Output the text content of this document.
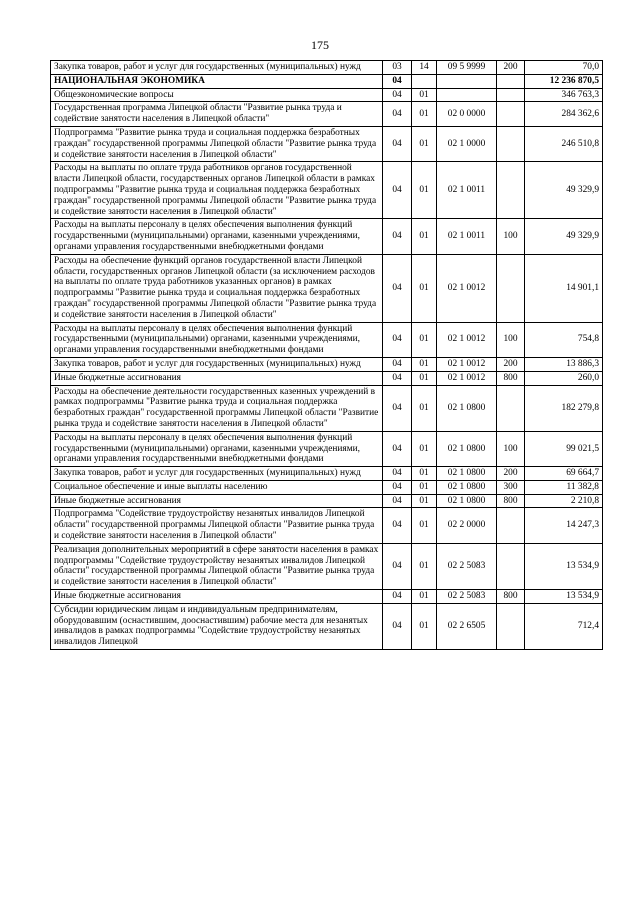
175
Закупка товаров, работ и услуг для государственных (муниципальных) нужд	03	14	09 5 9999	200	70,0
НАЦИОНАЛЬНАЯ ЭКОНОМИКА	04				12 236 870,5
Общеэкономические вопросы	04	01			346 763,3
Государственная программа Липецкой области "Развитие рынка труда и содействие занятости населения в Липецкой области"	04	01	02 0 0000		284 362,6
Подпрограмма "Развитие рынка труда и социальная поддержка безработных граждан" государственной программы Липецкой области "Развитие рынка труда и содействие занятости населения в Липецкой области"	04	01	02 1 0000		246 510,8
Расходы на выплаты по оплате труда работников органов государственной власти Липецкой области, государственных органов Липецкой области в рамках подпрограммы "Развитие рынка труда и социальная поддержка безработных граждан" государственной программы Липецкой области "Развитие рынка труда и содействие занятости населения в Липецкой области"	04	01	02 1 0011		49 329,9
Расходы на выплаты персоналу в целях обеспечения выполнения функций государственными (муниципальными) органами, казенными учреждениями, органами управления государственными внебюджетными фондами	04	01	02 1 0011	100	49 329,9
Расходы на обеспечение функций органов государственной власти Липецкой области, государственных органов Липецкой области (за исключением расходов на выплаты по оплате труда работников указанных органов) в рамках подпрограммы "Развитие рынка труда и социальная поддержка безработных граждан" государственной программы Липецкой области "Развитие рынка труда и содействие занятости населения в Липецкой области"	04	01	02 1 0012		14 901,1
Расходы на выплаты персоналу в целях обеспечения выполнения функций государственными (муниципальными) органами, казенными учреждениями, органами управления государственными внебюджетными фондами	04	01	02 1 0012	100	754,8
Закупка товаров, работ и услуг для государственных (муниципальных) нужд	04	01	02 1 0012	200	13 886,3
Иные бюджетные ассигнования	04	01	02 1 0012	800	260,0
Расходы на обеспечение деятельности государственных казенных учреждений в рамках подпрограммы "Развитие рынка труда и социальная поддержка безработных граждан" государственной программы Липецкой области "Развитие рынка труда и содействие занятости населения в Липецкой области"	04	01	02 1 0800		182 279,8
Расходы на выплаты персоналу в целях обеспечения выполнения функций государственными (муниципальными) органами, казенными учреждениями, органами управления государственными внебюджетными фондами	04	01	02 1 0800	100	99 021,5
Закупка товаров, работ и услуг для государственных (муниципальных) нужд	04	01	02 1 0800	200	69 664,7
Социальное обеспечение и иные выплаты населению	04	01	02 1 0800	300	11 382,8
Иные бюджетные ассигнования	04	01	02 1 0800	800	2 210,8
Подпрограмма "Содействие трудоустройству незанятых инвалидов Липецкой области" государственной программы Липецкой области "Развитие рынка труда и содействие занятости населения в Липецкой области"	04	01	02 2 0000		14 247,3
Реализация дополнительных мероприятий в сфере занятости населения в рамках подпрограммы "Содействие трудоустройству незанятых инвалидов Липецкой области" государственной программы Липецкой области "Развитие рынка труда и содействие занятости населения в Липецкой области"	04	01	02 2 5083		13 534,9
Иные бюджетные ассигнования	04	01	02 2 5083	800	13 534,9
Субсидии юридическим лицам и индивидуальным предпринимателям, оборудовавшим (оснастившим, дооснастившим) рабочие места для незанятых инвалидов в рамках подпрограммы "Содействие трудоустройству незанятых инвалидов Липецкой	04	01	02 2 6505		712,4
